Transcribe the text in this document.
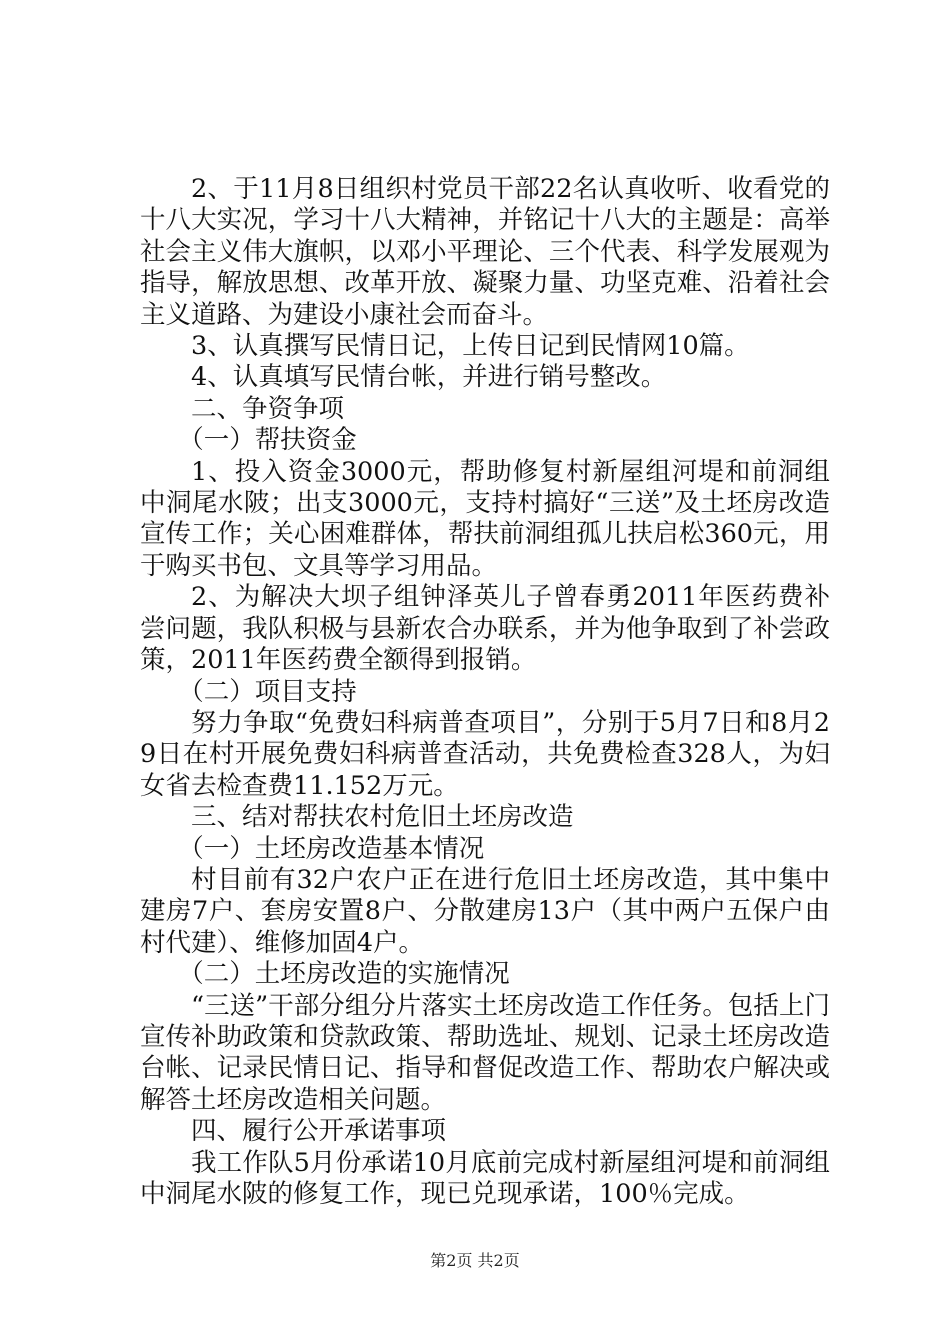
2、于11月8日组织村党员干部22名认真收听、收看党的十八大实况，学习十八大精神，并铭记十八大的主题是：高举社会主义伟大旗帜，以邓小平理论、三个代表、科学发展观为指导，解放思想、改革开放、凝聚力量、功坚克难、沿着社会主义道路、为建设小康社会而奋斗。

3、认真撰写民情日记，上传日记到民情网10篇。

4、认真填写民情台帐，并进行销号整改。

二、争资争项

（一）帮扶资金

1、投入资金3000元，帮助修复村新屋组河堤和前洞组中洞尾水陂；出支3000元，支持村搞好“三送”及土坯房改造宣传工作；关心困难群体，帮扶前洞组孤儿扶启松360元，用于购买书包、文具等学习用品。

2、为解决大坝子组钟泽英儿子曾春勇2011年医药费补尝问题，我队积极与县新农合办联系，并为他争取到了补尝政策，2011年医药费全额得到报销。

（二）项目支持

努力争取“免费妇科病普查项目”，分别于5月7日和8月29日在村开展免费妇科病普查活动，共免费检查328人，为妇女省去检查费11.152万元。

三、结对帮扶农村危旧土坯房改造

（一）土坯房改造基本情况

村目前有32户农户正在进行危旧土坯房改造，其中集中建房7户、套房安置8户、分散建房13户（其中两户五保户由村代建）、维修加固4户。

（二）土坯房改造的实施情况

“三送”干部分组分片落实土坯房改造工作任务。包括上门宣传补助政策和贷款政策、帮助选址、规划、记录土坯房改造台帐、记录民情日记、指导和督促改造工作、帮助农户解决或解答土坯房改造相关问题。

四、履行公开承诺事项

我工作队5月份承诺10月底前完成村新屋组河堤和前洞组中洞尾水陂的修复工作，现已兑现承诺，100％完成。

第2页 共2页
